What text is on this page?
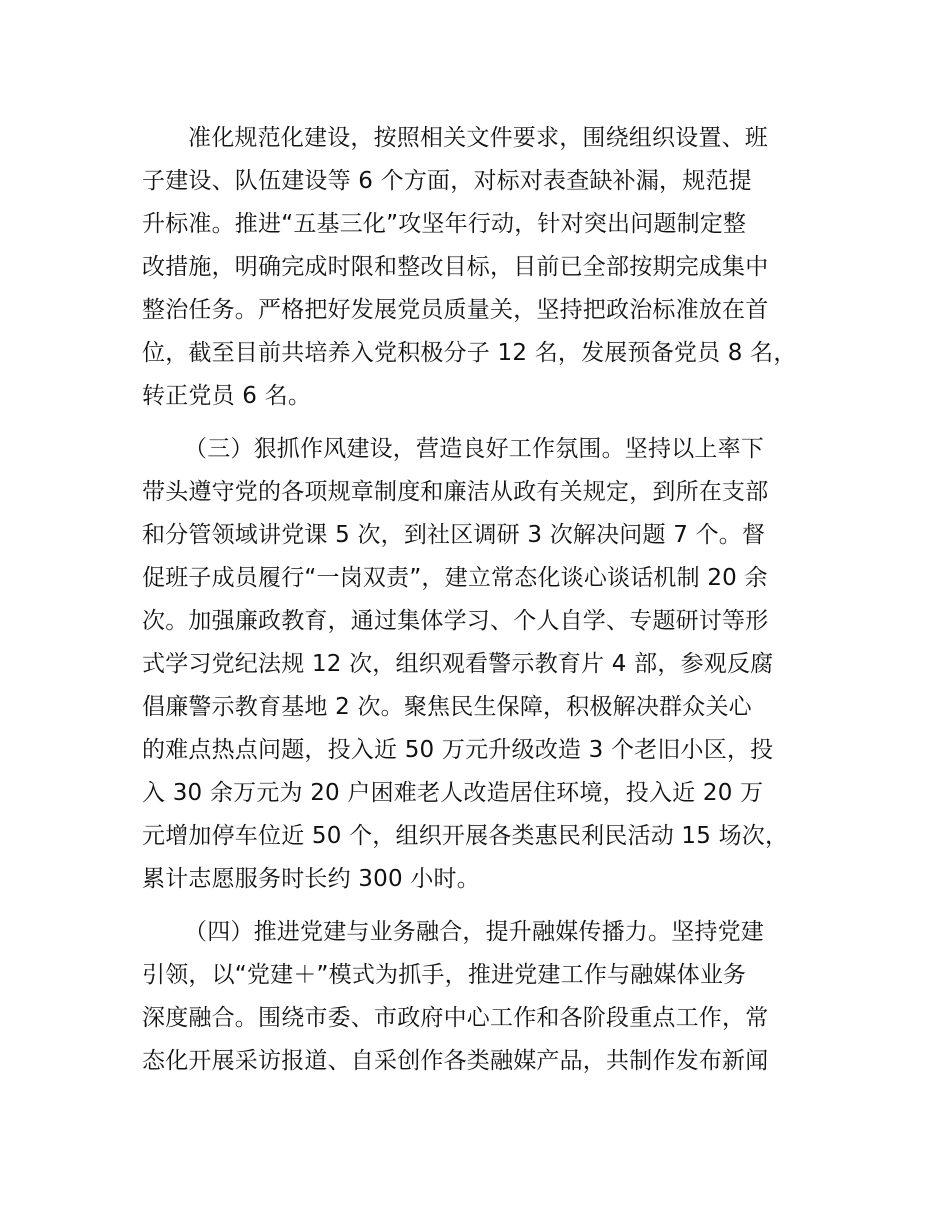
准化规范化建设，按照相关文件要求，围绕组织设置、班
子建设、队伍建设等 6 个方面，对标对表查缺补漏，规范提
升标准。推进“五基三化”攻坚年行动，针对突出问题制定整
改措施，明确完成时限和整改目标，目前已全部按期完成集中
整治任务。严格把好发展党员质量关，坚持把政治标准放在首
位，截至目前共培养入党积极分子 12 名，发展预备党员 8 名，
转正党员 6 名。
（三）狠抓作风建设，营造良好工作氛围。坚持以上率下
带头遵守党的各项规章制度和廉洁从政有关规定，到所在支部
和分管领域讲党课 5 次，到社区调研 3 次解决问题 7 个。督
促班子成员履行“一岗双责”，建立常态化谈心谈话机制 20 余
次。加强廉政教育，通过集体学习、个人自学、专题研讨等形
式学习党纪法规 12 次，组织观看警示教育片 4 部，参观反腐
倡廉警示教育基地 2 次。聚焦民生保障，积极解决群众关心
的难点热点问题，投入近 50 万元升级改造 3 个老旧小区，投
入 30 余万元为 20 户困难老人改造居住环境，投入近 20 万
元增加停车位近 50 个，组织开展各类惠民利民活动 15 场次，
累计志愿服务时长约 300 小时。
（四）推进党建与业务融合，提升融媒传播力。坚持党建
引领，以“党建＋”模式为抓手，推进党建工作与融媒体业务
深度融合。围绕市委、市政府中心工作和各阶段重点工作，常
态化开展采访报道、自采创作各类融媒产品，共制作发布新闻
